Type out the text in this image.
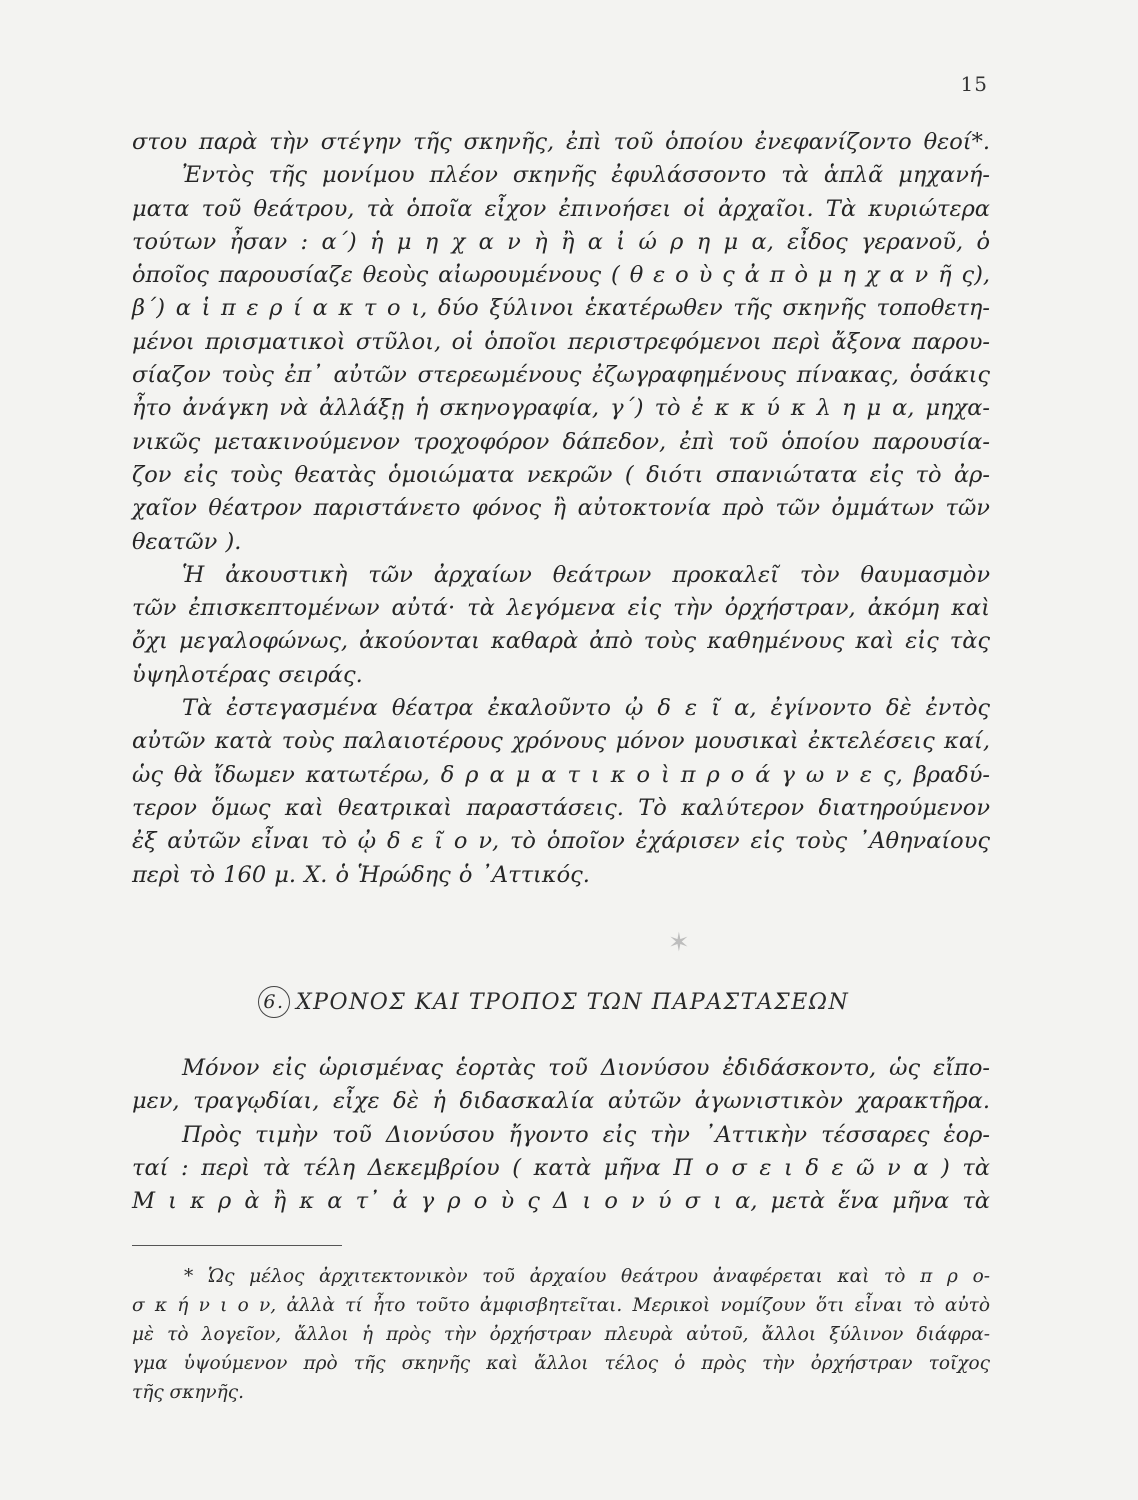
15
στου παρὰ τὴν στέγην τῆς σκηνῆς, ἐπὶ τοῦ ὁποίου ἐνεφανίζοντο θεοί*.
Ἐντὸς τῆς μονίμου πλέον σκηνῆς ἐφυλάσσοντο τὰ ἁπλᾶ μηχανή-
ματα τοῦ θεάτρου, τὰ ὁποῖα εἶχον ἐπινοήσει οἱ ἀρχαῖοι. Τὰ κυριώτερα
τούτων ἦσαν : α΄) ἡ μ η χ α ν ὴ ἢ α ἰ ώ ρ η μ α, εἶδος γερανοῦ, ὁ
ὁποῖος παρουσίαζε θεοὺς αἰωρουμένους ( θ ε ο ὺ ς ἀ π ὸ μ η χ α ν ῆ ς),
β΄) α ἱ π ε ρ ί α κ τ ο ι, δύο ξύλινοι ἑκατέρωθεν τῆς σκηνῆς τοποθετη-
μένοι πρισματικοὶ στῦλοι, οἱ ὁποῖοι περιστρεφόμενοι περὶ ἄξονα παρου-
σίαζον τοὺς ἐπ᾽ αὐτῶν στερεωμένους ἐζωγραφημένους πίνακας, ὁσάκις
ἦτο ἀνάγκη νὰ ἀλλάξῃ ἡ σκηνογραφία, γ΄) τὸ ἐ κ κ ύ κ λ η μ α, μηχα-
νικῶς μετακινούμενον τροχοφόρον δάπεδον, ἐπὶ τοῦ ὁποίου παρουσία-
ζον εἰς τοὺς θεατὰς ὁμοιώματα νεκρῶν ( διότι σπανιώτατα εἰς τὸ ἀρ-
χαῖον θέατρον παριστάνετο φόνος ἢ αὐτοκτονία πρὸ τῶν ὀμμάτων τῶν
θεατῶν ).
Ἡ ἀκουστικὴ τῶν ἀρχαίων θεάτρων προκαλεῖ τὸν θαυμασμὸν
τῶν ἐπισκεπτομένων αὐτά· τὰ λεγόμενα εἰς τὴν ὀρχήστραν, ἀκόμη καὶ
ὄχι μεγαλοφώνως, ἀκούονται καθαρὰ ἀπὸ τοὺς καθημένους καὶ εἰς τὰς
ὑψηλοτέρας σειράς.
Τὰ ἐστεγασμένα θέατρα ἐκαλοῦντο ᾠ δ ε ῖ α, ἐγίνοντο δὲ ἐντὸς
αὐτῶν κατὰ τοὺς παλαιοτέρους χρόνους μόνον μουσικαὶ ἐκτελέσεις καί,
ὡς θὰ ἴδωμεν κατωτέρω, δ ρ α μ α τ ι κ ο ὶ π ρ ο ά γ ω ν ε ς, βραδύ-
τερον ὅμως καὶ θεατρικαὶ παραστάσεις. Τὸ καλύτερον διατηρούμενον
ἐξ αὐτῶν εἶναι τὸ ᾠ δ ε ῖ ο ν, τὸ ὁποῖον ἐχάρισεν εἰς τοὺς ᾿Αθηναίους
περὶ τὸ 160 μ. Χ. ὁ Ἡρώδης ὁ ᾿Αττικός.
✶
6. ΧΡΟΝΟΣ ΚΑΙ ΤΡΟΠΟΣ ΤΩΝ ΠΑΡΑΣΤΑΣΕΩΝ
Μόνον εἰς ὡρισμένας ἑορτὰς τοῦ Διονύσου ἐδιδάσκοντο, ὡς εἴπο-
μεν, τραγῳδίαι, εἶχε δὲ ἡ διδασκαλία αὐτῶν ἀγωνιστικὸν χαρακτῆρα.
Πρὸς τιμὴν τοῦ Διονύσου ἤγοντο εἰς τὴν ᾿Αττικὴν τέσσαρες ἑορ-
ταί : περὶ τὰ τέλη Δεκεμβρίου ( κατὰ μῆνα Π ο σ ε ι δ ε ῶ ν α ) τὰ
Μ ι κ ρ ὰ ἢ κ α τ᾽ ἀ γ ρ ο ὺ ς Δ ι ο ν ύ σ ι α, μετὰ ἕνα μῆνα τὰ
* Ὡς μέλος ἀρχιτεκτονικὸν τοῦ ἀρχαίου θεάτρου ἀναφέρεται καὶ τὸ π ρ ο-
σ κ ή ν ι ο ν, ἀλλὰ τί ἦτο τοῦτο ἀμφισβητεῖται. Μερικοὶ νομίζουν ὅτι εἶναι τὸ αὐτὸ
μὲ τὸ λογεῖον, ἄλλοι ἡ πρὸς τὴν ὀρχήστραν πλευρὰ αὐτοῦ, ἄλλοι ξύλινον διάφρα-
γμα ὑψούμενον πρὸ τῆς σκηνῆς καὶ ἄλλοι τέλος ὁ πρὸς τὴν ὀρχήστραν τοῖχος
τῆς σκηνῆς.
